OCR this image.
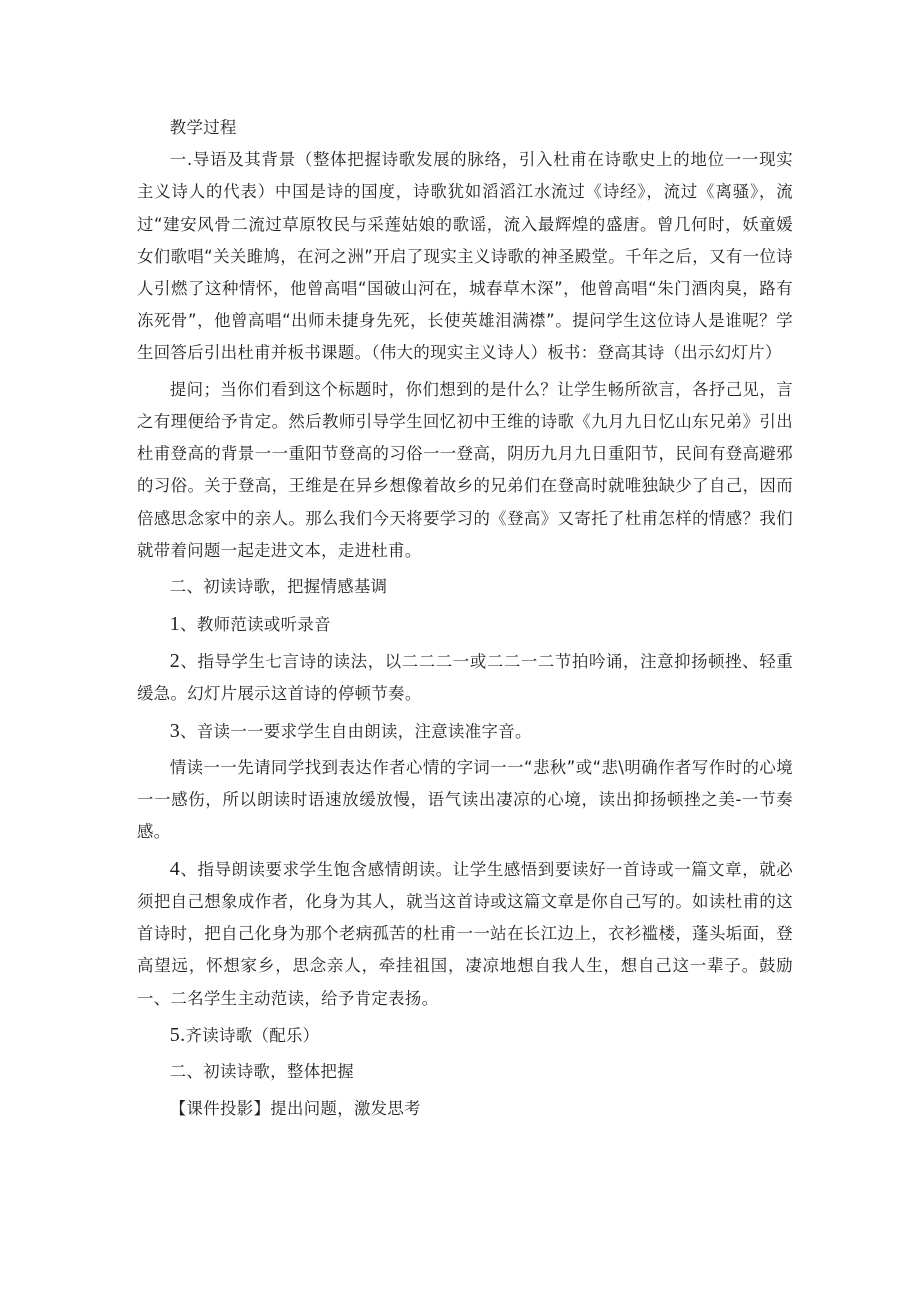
教学过程

一.导语及其背景（整体把握诗歌发展的脉络，引入杜甫在诗歌史上的地位一一现实主义诗人的代表）中国是诗的国度，诗歌犹如滔滔江水流过《诗经》，流过《离骚》，流过“建安风骨二流过草原牧民与采莲姑娘的歌谣，流入最辉煌的盛唐。曾几何时，妖童媛女们歌唱“关关雎鸠，在河之洲”开启了现实主义诗歌的神圣殿堂。千年之后，又有一位诗人引燃了这种情怀，他曾高唱“国破山河在，城春草木深”，他曾高唱“朱门酒肉臭，路有冻死骨”，他曾高唱“出师未捷身先死，长使英雄泪满襟”。提问学生这位诗人是谁呢？学生回答后引出杜甫并板书课题。（伟大的现实主义诗人）板书：登高其诗（出示幻灯片）

提问；当你们看到这个标题时，你们想到的是什么？让学生畅所欲言，各抒己见，言之有理便给予肯定。然后教师引导学生回忆初中王维的诗歌《九月九日忆山东兄弟》引出杜甫登高的背景一一重阳节登高的习俗一一登高，阴历九月九日重阳节，民间有登高避邪的习俗。关于登高，王维是在异乡想像着故乡的兄弟们在登高时就唯独缺少了自己，因而倍感思念家中的亲人。那么我们今天将要学习的《登高》又寄托了杜甫怎样的情感？我们就带着问题一起走进文本，走进杜甫。

二、初读诗歌，把握情感基调

1、教师范读或听录音

2、指导学生七言诗的读法，以二二二一或二二一二节拍吟诵，注意抑扬顿挫、轻重缓急。幻灯片展示这首诗的停顿节奏。

3、音读一一要求学生自由朗读，注意读准字音。

情读一一先请同学找到表达作者心情的字词一一“悲秋”或“悲\明确作者写作时的心境一一感伤，所以朗读时语速放缓放慢，语气读出凄凉的心境，读出抑扬顿挫之美-一节奏感。

4、指导朗读要求学生饱含感情朗读。让学生感悟到要读好一首诗或一篇文章，就必须把自己想象成作者，化身为其人，就当这首诗或这篇文章是你自己写的。如读杜甫的这首诗时，把自己化身为那个老病孤苦的杜甫一一站在长江边上，衣衫褴楼，蓬头垢面，登高望远，怀想家乡，思念亲人，牵挂祖国，凄凉地想自我人生，想自己这一辈子。鼓励一、二名学生主动范读，给予肯定表扬。

5.齐读诗歌（配乐）

二、初读诗歌，整体把握

【课件投影】提出问题，激发思考
